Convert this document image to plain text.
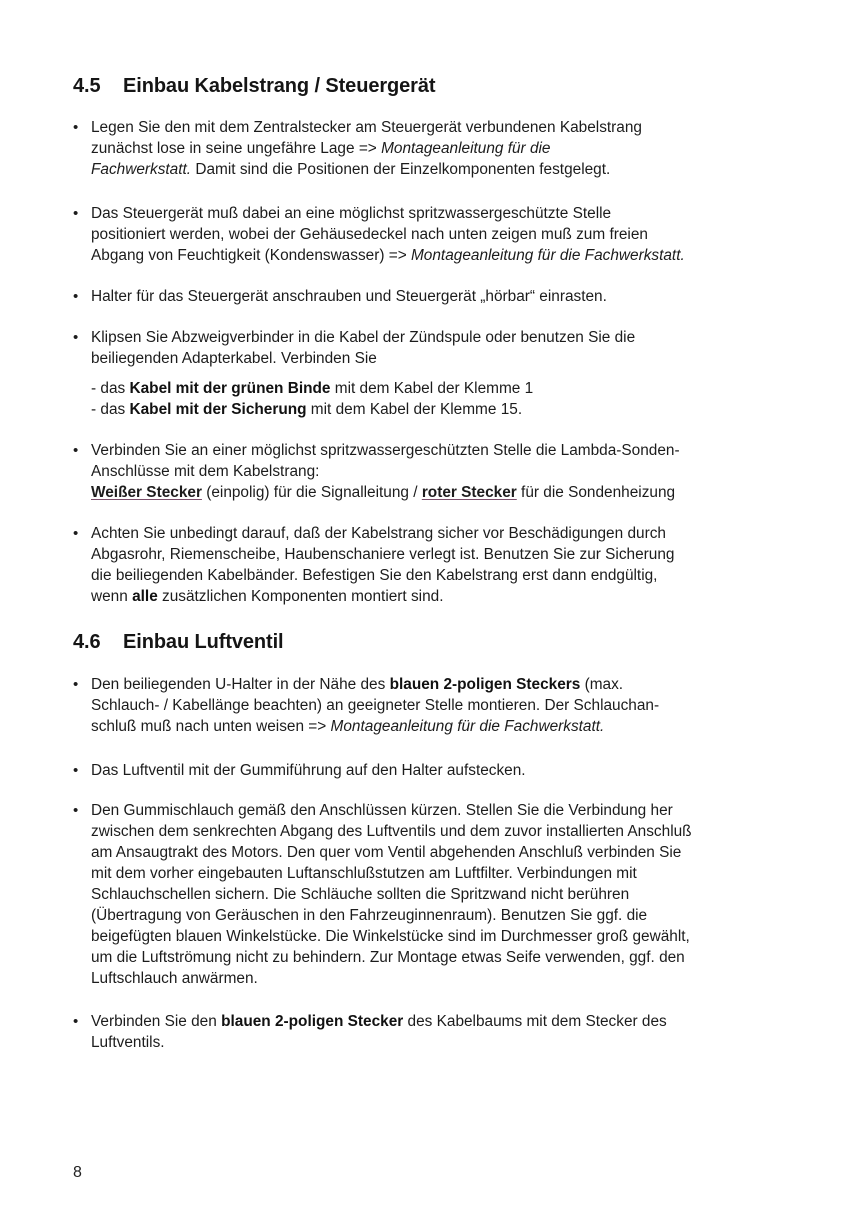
4.5 Einbau Kabelstrang / Steuergerät
• Legen Sie den mit dem Zentralstecker am Steuergerät verbundenen Kabelstrang
zunächst lose in seine ungefähre Lage => Montageanleitung für die
Fachwerkstatt. Damit sind die Positionen der Einzelkomponenten festgelegt.
• Das Steuergerät muß dabei an eine möglichst spritzwassergeschützte Stelle
positioniert werden, wobei der Gehäusedeckel nach unten zeigen muß zum freien
Abgang von Feuchtigkeit (Kondenswasser) => Montageanleitung für die Fachwerkstatt.
• Halter für das Steuergerät anschrauben und Steuergerät „hörbar“ einrasten.
• Klipsen Sie Abzweigverbinder in die Kabel der Zündspule oder benutzen Sie die
beiliegenden Adapterkabel. Verbinden Sie
- das Kabel mit der grünen Binde mit dem Kabel der Klemme 1
- das Kabel mit der Sicherung mit dem Kabel der Klemme 15.
• Verbinden Sie an einer möglichst spritzwassergeschützten Stelle die Lambda-Sonden-
Anschlüsse mit dem Kabelstrang:
Weißer Stecker (einpolig) für die Signalleitung / roter Stecker für die Sondenheizung
• Achten Sie unbedingt darauf, daß der Kabelstrang sicher vor Beschädigungen durch
Abgasrohr, Riemenscheibe, Haubenschaniere verlegt ist. Benutzen Sie zur Sicherung
die beiliegenden Kabelbänder. Befestigen Sie den Kabelstrang erst dann endgültig,
wenn alle zusätzlichen Komponenten montiert sind.
4.6 Einbau Luftventil
• Den beiliegenden U-Halter in der Nähe des blauen 2-poligen Steckers (max.
Schlauch- / Kabellänge beachten) an geeigneter Stelle montieren. Der Schlauchan-
schluß muß nach unten weisen => Montageanleitung für die Fachwerkstatt.
• Das Luftventil mit der Gummiführung auf den Halter aufstecken.
• Den Gummischlauch gemäß den Anschlüssen kürzen. Stellen Sie die Verbindung her
zwischen dem senkrechten Abgang des Luftventils und dem zuvor installierten Anschluß
am Ansaugtrakt des Motors. Den quer vom Ventil abgehenden Anschluß verbinden Sie
mit dem vorher eingebauten Luftanschlußstutzen am Luftfilter. Verbindungen mit
Schlauchschellen sichern. Die Schläuche sollten die Spritzwand nicht berühren
(Übertragung von Geräuschen in den Fahrzeuginnenraum). Benutzen Sie ggf. die
beigefügten blauen Winkelstücke. Die Winkelstücke sind im Durchmesser groß gewählt,
um die Luftströmung nicht zu behindern. Zur Montage etwas Seife verwenden, ggf. den
Luftschlauch anwärmen.
• Verbinden Sie den blauen 2-poligen Stecker des Kabelbaums mit dem Stecker des
Luftventils.
8
